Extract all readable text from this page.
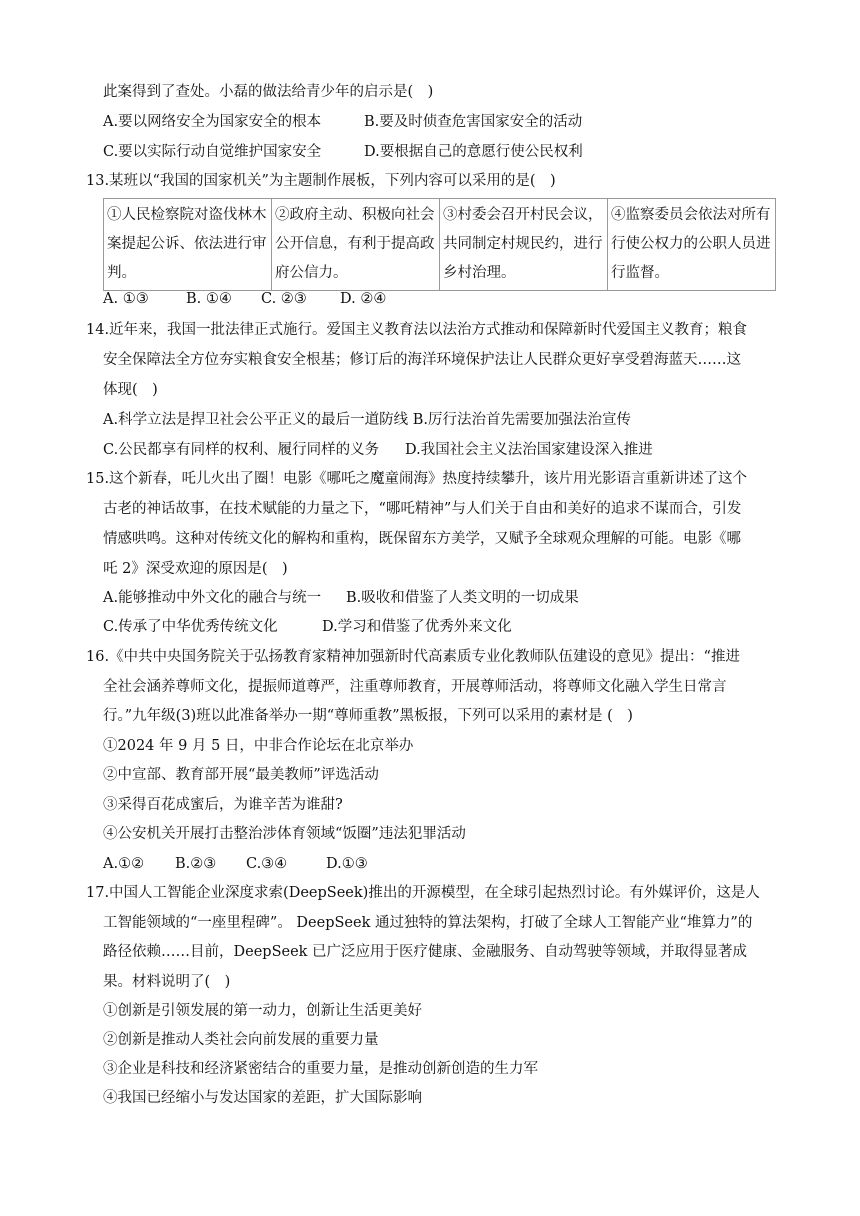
此案得到了查处。小磊的做法给青少年的启示是(　)
A.要以网络安全为国家安全的根本	B.要及时侦查危害国家安全的活动
C.要以实际行动自觉维护国家安全	D.要根据自己的意愿行使公民权利
13.某班以“我国的国家机关”为主题制作展板，下列内容可以采用的是(　)
①人民检察院对盗伐林木案提起公诉、依法进行审判。	②政府主动、积极向社会公开信息，有利于提高政府公信力。	③村委会召开村民会议，共同制定村规民约，进行乡村治理。	④监察委员会依法对所有行使公权力的公职人员进行监督。
A. ①③	B. ①④ C. ②③ D. ②④
14.近年来，我国一批法律正式施行。爱国主义教育法以法治方式推动和保障新时代爱国主义教育；粮食
安全保障法全方位夯实粮食安全根基；修订后的海洋环境保护法让人民群众更好享受碧海蓝天……这
体现(　)
A.科学立法是捍卫社会公平正义的最后一道防线 B.厉行法治首先需要加强法治宣传
C.公民都享有同样的权利、履行同样的义务 D.我国社会主义法治国家建设深入推进
15.这个新春，吒儿火出了圈！电影《哪吒之魔童闹海》热度持续攀升，该片用光影语言重新讲述了这个
古老的神话故事，在技术赋能的力量之下，“哪吒精神”与人们关于自由和美好的追求不谋而合，引发
情感哄鸣。这种对传统文化的解构和重构，既保留东方美学，又赋予全球观众理解的可能。电影《哪
吒 2》深受欢迎的原因是(　)
A.能够推动中外文化的融合与统一 B.吸收和借鉴了人类文明的一切成果
C.传承了中华优秀传统文化	D.学习和借鉴了优秀外来文化
16.《中共中央国务院关于弘扬教育家精神加强新时代高素质专业化教师队伍建设的意见》提出：“推进
全社会涵养尊师文化，提振师道尊严，注重尊师教育，开展尊师活动，将尊师文化融入学生日常言
行。”九年级(3)班以此准备举办一期“尊师重教”黑板报，下列可以采用的素材是 (　)
①2024 年 9 月 5 日，中非合作论坛在北京举办
②中宣部、教育部开展“最美教师”评选活动
③采得百花成蜜后，为谁辛苦为谁甜?
④公安机关开展打击整治涉体育领域“饭圈”违法犯罪活动
A.①② B.②③ C.③④	D.①③
17.中国人工智能企业深度求索(DeepSeek)推出的开源模型，在全球引起热烈讨论。有外媒评价，这是人
工智能领域的“一座里程碑”。 DeepSeek 通过独特的算法架构，打破了全球人工智能产业“堆算力”的
路径依赖……目前，DeepSeek 已广泛应用于医疗健康、金融服务、自动驾驶等领域，并取得显著成
果。材料说明了(　)
①创新是引领发展的第一动力，创新让生活更美好
②创新是推动人类社会向前发展的重要力量
③企业是科技和经济紧密结合的重要力量，是推动创新创造的生力军
④我国已经缩小与发达国家的差距，扩大国际影响
